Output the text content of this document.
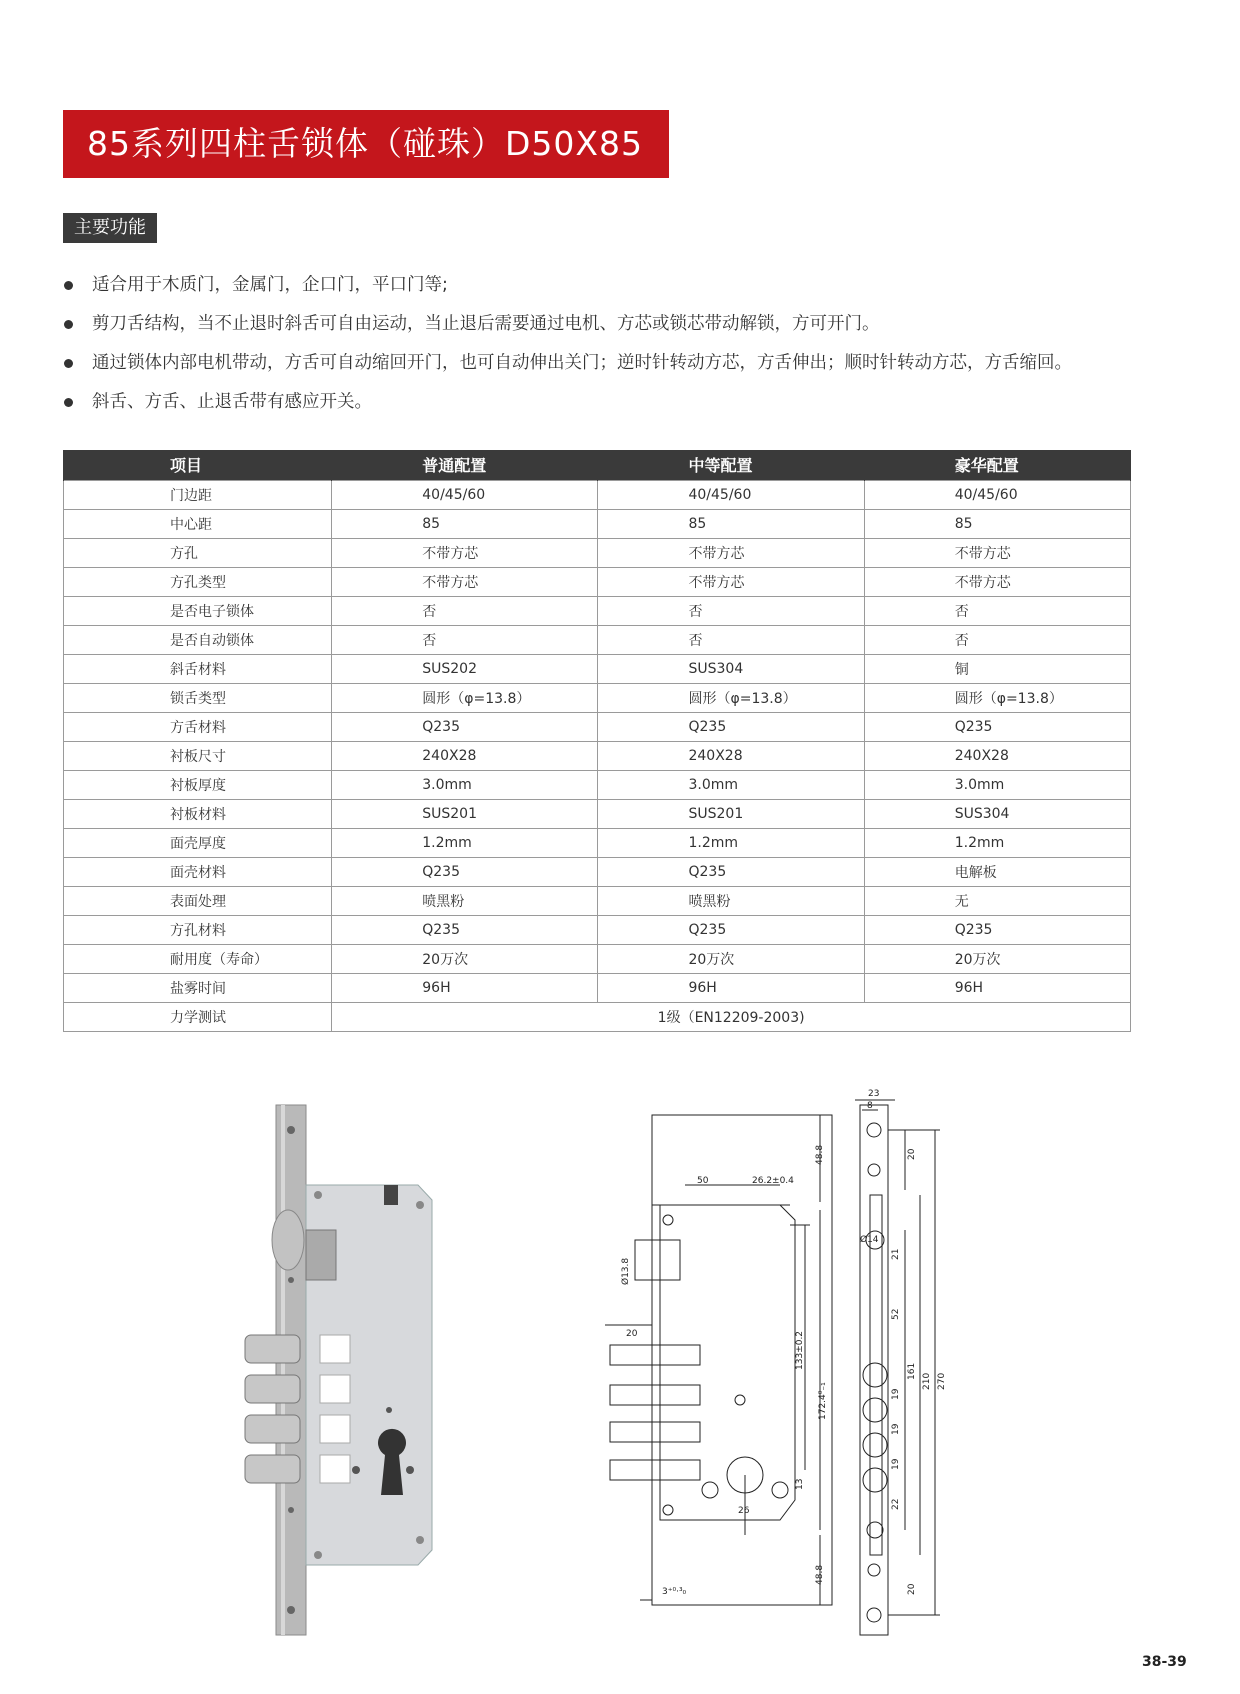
85系列四柱舌锁体（碰珠）D50X85
主要功能
适合用于木质门，金属门，企口门，平口门等;
剪刀舌结构，当不止退时斜舌可自由运动，当止退后需要通过电机、方芯或锁芯带动解锁，方可开门。
通过锁体内部电机带动，方舌可自动缩回开门，也可自动伸出关门；逆时针转动方芯，方舌伸出；顺时针转动方芯，方舌缩回。
斜舌、方舌、止退舌带有感应开关。
项目	普通配置	中等配置	豪华配置
门边距	40/45/60	40/45/60	40/45/60
中心距	85	85	85
方孔	不带方芯	不带方芯	不带方芯
方孔类型	不带方芯	不带方芯	不带方芯
是否电子锁体	否	否	否
是否自动锁体	否	否	否
斜舌材料	SUS202	SUS304	铜
锁舌类型	圆形（φ=13.8）	圆形（φ=13.8）	圆形（φ=13.8）
方舌材料	Q235	Q235	Q235
衬板尺寸	240X28	240X28	240X28
衬板厚度	3.0mm	3.0mm	3.0mm
衬板材料	SUS201	SUS201	SUS304
面壳厚度	1.2mm	1.2mm	1.2mm
面壳材料	Q235	Q235	电解板
表面处理	喷黑粉	喷黑粉	无
方孔材料	Q235	Q235	Q235
耐用度（寿命）	20万次	20万次	20万次
盐雾时间	96H	96H	96H
力学测试	1级（EN12209-2003)		
50	26.2±0.4
48.8
Ø13.8
20	133±0.2
172.4⁰₋₁
13
26
3⁺⁰·³₀
48.8
23
8
20
Ø14
21
52
19
19
19
22
161
210 270
20
38-39
